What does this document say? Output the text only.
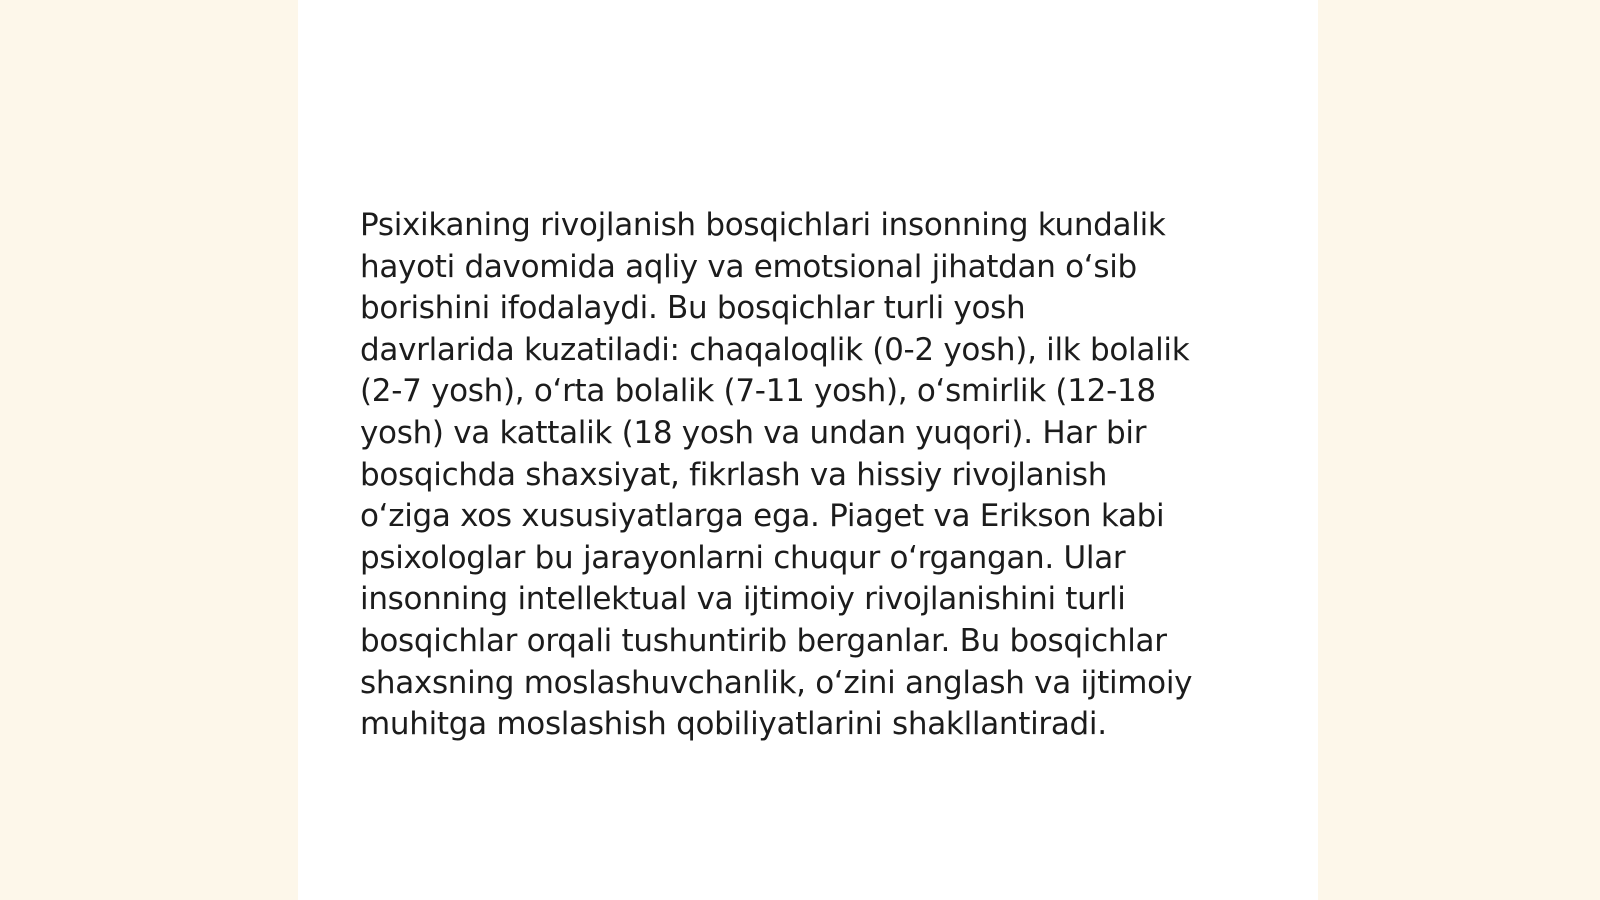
Psixikaning rivojlanish bosqichlari insonning kundalik
hayoti davomida aqliy va emotsional jihatdan oʻsib
borishini ifodalaydi. Bu bosqichlar turli yosh
davrlarida kuzatiladi: chaqaloqlik (0-2 yosh), ilk bolalik
(2-7 yosh), oʻrta bolalik (7-11 yosh), oʻsmirlik (12-18
yosh) va kattalik (18 yosh va undan yuqori). Har bir
bosqichda shaxsiyat, fikrlash va hissiy rivojlanish
oʻziga xos xususiyatlarga ega. Piaget va Erikson kabi
psixologlar bu jarayonlarni chuqur oʻrgangan. Ular
insonning intellektual va ijtimoiy rivojlanishini turli
bosqichlar orqali tushuntirib berganlar. Bu bosqichlar
shaxsning moslashuvchanlik, oʻzini anglash va ijtimoiy
muhitga moslashish qobiliyatlarini shakllantiradi.
